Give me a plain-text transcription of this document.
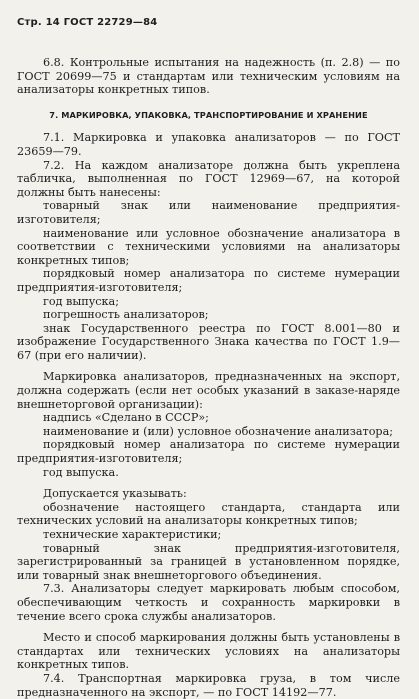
Стр. 14 ГОСТ 22729—84

6.8. Контрольные испытания на надежность (п. 2.8) — по ГОСТ 20699—75 и стандартам или техническим условиям на анализаторы конкретных типов.

7. МАРКИРОВКА, УПАКОВКА, ТРАНСПОРТИРОВАНИЕ И ХРАНЕНИЕ

7.1. Маркировка и упаковка анализаторов — по ГОСТ 23659—79.

7.2. На каждом анализаторе должна быть укреплена табличка, выполненная по ГОСТ 12969—67, на которой должны быть нанесены:

товарный знак или наименование предприятия-изготовителя;

наименование или условное обозначение анализатора в соответствии с техническими условиями на анализаторы конкретных типов;

порядковый номер анализатора по системе нумерации предприятия-изготовителя;

год выпуска;

погрешность анализаторов;

знак Государственного реестра по ГОСТ 8.001—80 и изображение Государственного Знака качества по ГОСТ 1.9—67 (при его наличии).

Маркировка анализаторов, предназначенных на экспорт, должна содержать (если нет особых указаний в заказе-наряде внешнеторговой организации):

надпись «Сделано в СССР»;

наименование и (или) условное обозначение анализатора;

порядковый номер анализатора по системе нумерации предприятия-изготовителя;

год выпуска.

Допускается указывать:

обозначение настоящего стандарта, стандарта или технических условий на анализаторы конкретных типов;

технические характеристики;

товарный знак предприятия-изготовителя, зарегистрированный за границей в установленном порядке, или товарный знак внешнеторгового объединения.

7.3. Анализаторы следует маркировать любым способом, обеспечивающим четкость и сохранность маркировки в течение всего срока службы анализаторов.

Место и способ маркирования должны быть установлены в стандартах или технических условиях на анализаторы конкретных типов.

7.4. Транспортная маркировка груза, в том числе предназначенного на экспорт, — по ГОСТ 14192—77.
